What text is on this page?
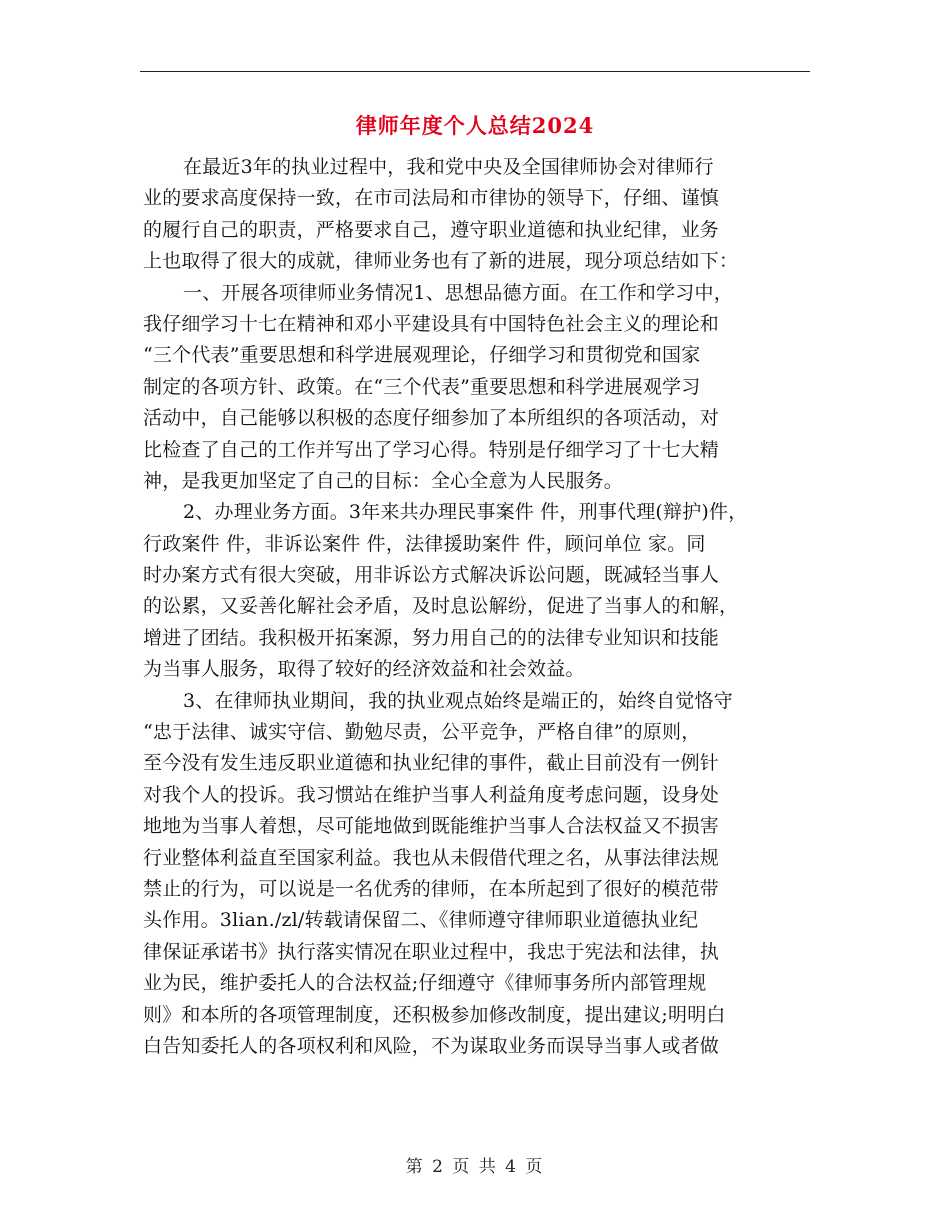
律师年度个人总结2024
在最近3年的执业过程中，我和党中央及全国律师协会对律师行
业的要求高度保持一致，在市司法局和市律协的领导下，仔细、谨慎
的履行自己的职责，严格要求自己，遵守职业道德和执业纪律，业务
上也取得了很大的成就，律师业务也有了新的进展，现分项总结如下：
一、开展各项律师业务情况1、思想品德方面。在工作和学习中，
我仔细学习十七在精神和邓小平建设具有中国特色社会主义的理论和
“三个代表”重要思想和科学进展观理论，仔细学习和贯彻党和国家
制定的各项方针、政策。在“三个代表”重要思想和科学进展观学习
活动中，自己能够以积极的态度仔细参加了本所组织的各项活动，对
比检查了自己的工作并写出了学习心得。特别是仔细学习了十七大精
神，是我更加坚定了自己的目标：全心全意为人民服务。
2、办理业务方面。3年来共办理民事案件 件，刑事代理(辩护)件，
行政案件 件，非诉讼案件 件，法律援助案件 件，顾问单位 家。同
时办案方式有很大突破，用非诉讼方式解决诉讼问题，既减轻当事人
的讼累，又妥善化解社会矛盾，及时息讼解纷，促进了当事人的和解，
增进了团结。我积极开拓案源，努力用自己的的法律专业知识和技能
为当事人服务，取得了较好的经济效益和社会效益。
3、在律师执业期间，我的执业观点始终是端正的，始终自觉恪守
“忠于法律、诚实守信、勤勉尽责，公平竞争，严格自律”的原则，
至今没有发生违反职业道德和执业纪律的事件，截止目前没有一例针
对我个人的投诉。我习惯站在维护当事人利益角度考虑问题，设身处
地地为当事人着想，尽可能地做到既能维护当事人合法权益又不损害
行业整体利益直至国家利益。我也从未假借代理之名，从事法律法规
禁止的行为，可以说是一名优秀的律师，在本所起到了很好的模范带
头作用。3lian./zl/转载请保留二、《律师遵守律师职业道德执业纪
律保证承诺书》执行落实情况在职业过程中，我忠于宪法和法律，执
业为民，维护委托人的合法权益;仔细遵守《律师事务所内部管理规
则》和本所的各项管理制度，还积极参加修改制度，提出建议;明明白
白告知委托人的各项权利和风险，不为谋取业务而误导当事人或者做
第 2 页 共 4 页
